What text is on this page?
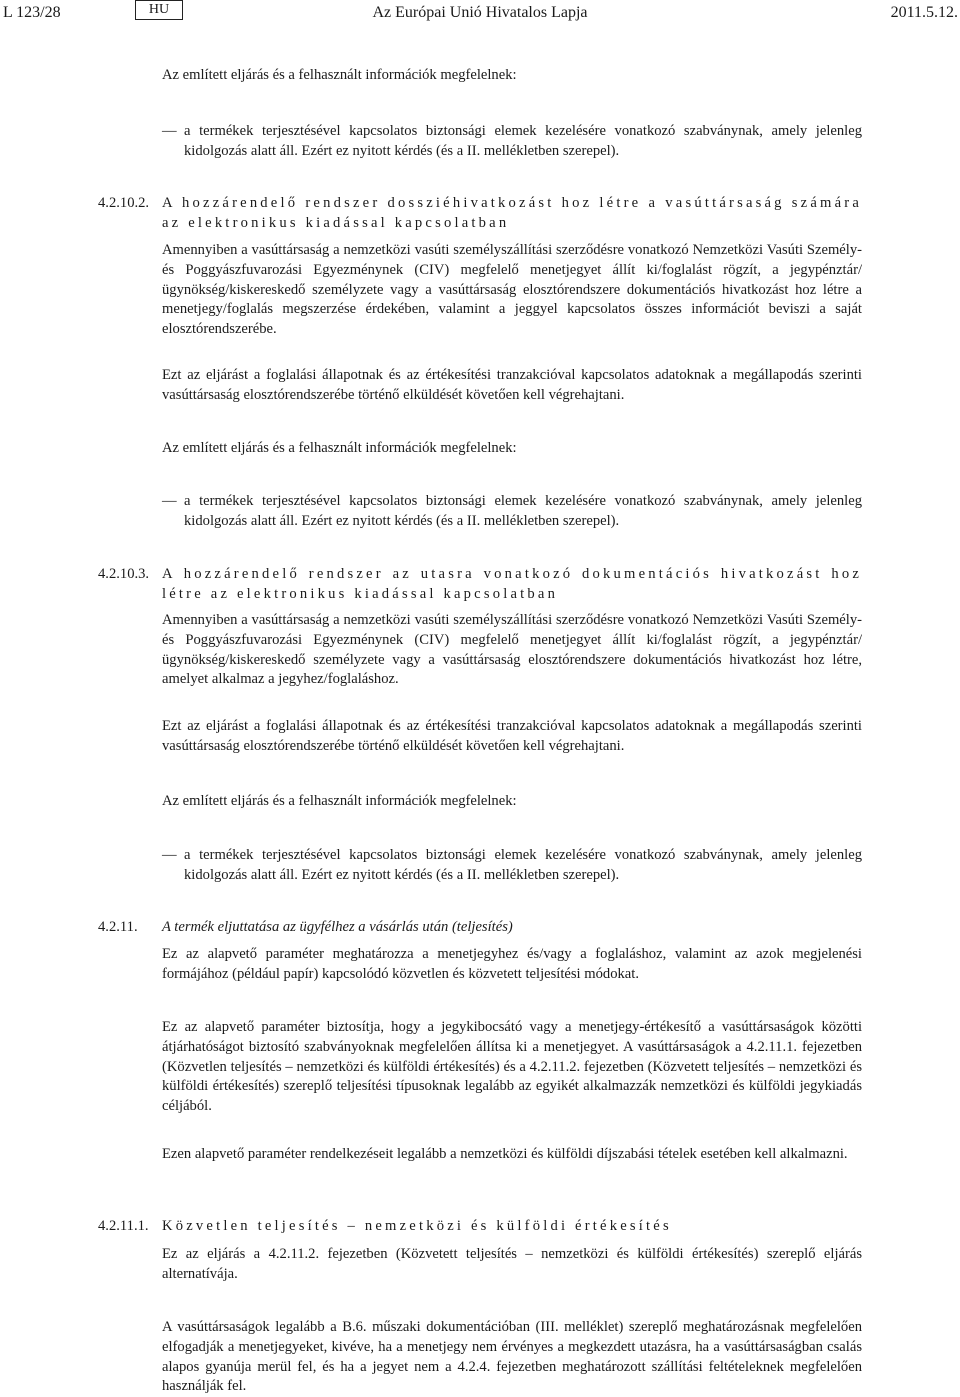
L 123/28	HU	Az Európai Unió Hivatalos Lapja	2011.5.12.

Az említett eljárás és a felhasznált információk megfelelnek:

— a termékek terjesztésével kapcsolatos biztonsági elemek kezelésére vonatkozó szabványnak, amely jelenleg kidolgozás alatt áll. Ezért ez nyitott kérdés (és a II. mellékletben szerepel).
4.2.10.2. A hozzárendelő rendszer dossziéhivatkozást hoz létre a vasúttársaság számára az elektronikus kiadással kapcsolatban

Amennyiben a vasúttársaság a nemzetközi vasúti személyszállítási szerződésre vonatkozó Nemzetközi Vasúti Személy- és Poggyászfuvarozási Egyezménynek (CIV) megfelelő menetjegyet állít ki/foglalást rögzít, a jegypénztár/ügynökség/kiskereskedő személyzete vagy a vasúttársaság elosztórendszere dokumentációs hivatkozást hoz létre a menetjegy/foglalás megszerzése érdekében, valamint a jeggyel kapcsolatos összes információt beviszi a saját elosztórendszerébe.

Ezt az eljárást a foglalási állapotnak és az értékesítési tranzakcióval kapcsolatos adatoknak a megállapodás szerinti vasúttársaság elosztórendszerébe történő elküldését követően kell végrehajtani.

Az említett eljárás és a felhasznált információk megfelelnek:

— a termékek terjesztésével kapcsolatos biztonsági elemek kezelésére vonatkozó szabványnak, amely jelenleg kidolgozás alatt áll. Ezért ez nyitott kérdés (és a II. mellékletben szerepel).
4.2.10.3. A hozzárendelő rendszer az utasra vonatkozó dokumentációs hivatkozást hoz létre az elektronikus kiadással kapcsolatban

Amennyiben a vasúttársaság a nemzetközi vasúti személyszállítási szerződésre vonatkozó Nemzetközi Vasúti Személy- és Poggyászfuvarozási Egyezménynek (CIV) megfelelő menetjegyet állít ki/foglalást rögzít, a jegypénztár/ügynökség/kiskereskedő személyzete vagy a vasúttársaság elosztórendszere dokumentációs hivatkozást hoz létre, amelyet alkalmaz a jegyhez/foglaláshoz.

Ezt az eljárást a foglalási állapotnak és az értékesítési tranzakcióval kapcsolatos adatoknak a megállapodás szerinti vasúttársaság elosztórendszerébe történő elküldését követően kell végrehajtani.

Az említett eljárás és a felhasznált információk megfelelnek:

— a termékek terjesztésével kapcsolatos biztonsági elemek kezelésére vonatkozó szabványnak, amely jelenleg kidolgozás alatt áll. Ezért ez nyitott kérdés (és a II. mellékletben szerepel).
4.2.11. A termék eljuttatása az ügyfélhez a vásárlás után (teljesítés)

Ez az alapvető paraméter meghatározza a menetjegyhez és/vagy a foglaláshoz, valamint az azok megjelenési formájához (például papír) kapcsolódó közvetlen és közvetett teljesítési módokat.

Ez az alapvető paraméter biztosítja, hogy a jegykibocsátó vagy a menetjegy-értékesítő a vasúttársaságok közötti átjárhatóságot biztosító szabványoknak megfelelően állítsa ki a menetjegyet. A vasúttársaságok a 4.2.11.1. fejezetben (Közvetlen teljesítés – nemzetközi és külföldi értékesítés) és a 4.2.11.2. fejezetben (Közvetett teljesítés – nemzetközi és külföldi értékesítés) szereplő teljesítési típusoknak legalább az egyikét alkalmazzák nemzetközi és külföldi jegykiadás céljából.

Ezen alapvető paraméter rendelkezéseit legalább a nemzetközi és külföldi díjszabási tételek esetében kell alkalmazni.

4.2.11.1. Közvetlen teljesítés – nemzetközi és külföldi értékesítés

Ez az eljárás a 4.2.11.2. fejezetben (Közvetett teljesítés – nemzetközi és külföldi értékesítés) szereplő eljárás alternatívája.

A vasúttársaságok legalább a B.6. műszaki dokumentációban (III. melléklet) szereplő meghatározásnak megfelelően elfogadják a menetjegyeket, kivéve, ha a menetjegy nem érvényes a megkezdett utazásra, ha a vasúttársaságban csalás alapos gyanúja merül fel, és ha a jegyet nem a 4.2.4. fejezetben meghatározott szállítási feltételeknek megfelelően használják fel.
